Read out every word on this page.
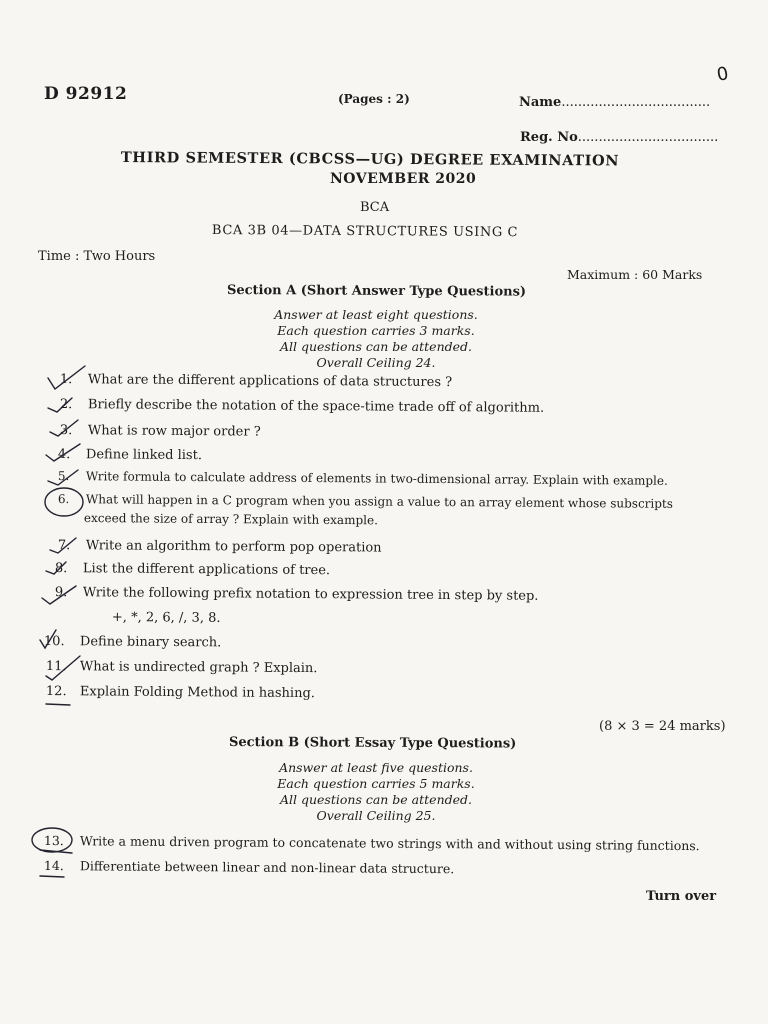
D 92912	(Pages : 2)	Name....................................
Reg. No..................................
0
THIRD SEMESTER (CBCSS—UG) DEGREE EXAMINATION
NOVEMBER 2020
BCA
BCA 3B 04—DATA STRUCTURES USING C
Time : Two Hours
Maximum : 60 Marks
Section A (Short Answer Type Questions)
Answer at least eight questions.
Each question carries 3 marks.
All questions can be attended.
Overall Ceiling 24.
1. What are the different applications of data structures ?
2. Briefly describe the notation of the space-time trade off of algorithm.
3. What is row major order ?
4. Define linked list.
5. Write formula to calculate address of elements in two-dimensional array. Explain with example.
6. What will happen in a C program when you assign a value to an array element whose subscripts
exceed the size of array ? Explain with example.
7. Write an algorithm to perform pop operation
8. List the different applications of tree.
9. Write the following prefix notation to expression tree in step by step.
+, *, 2, 6, /, 3, 8.
10. Define binary search.
11. What is undirected graph ? Explain.
12. Explain Folding Method in hashing.
(8 × 3 = 24 marks)
Section B (Short Essay Type Questions)
Answer at least five questions.
Each question carries 5 marks.
All questions can be attended.
Overall Ceiling 25.
13. Write a menu driven program to concatenate two strings with and without using string functions.
14. Differentiate between linear and non-linear data structure.
Turn over
